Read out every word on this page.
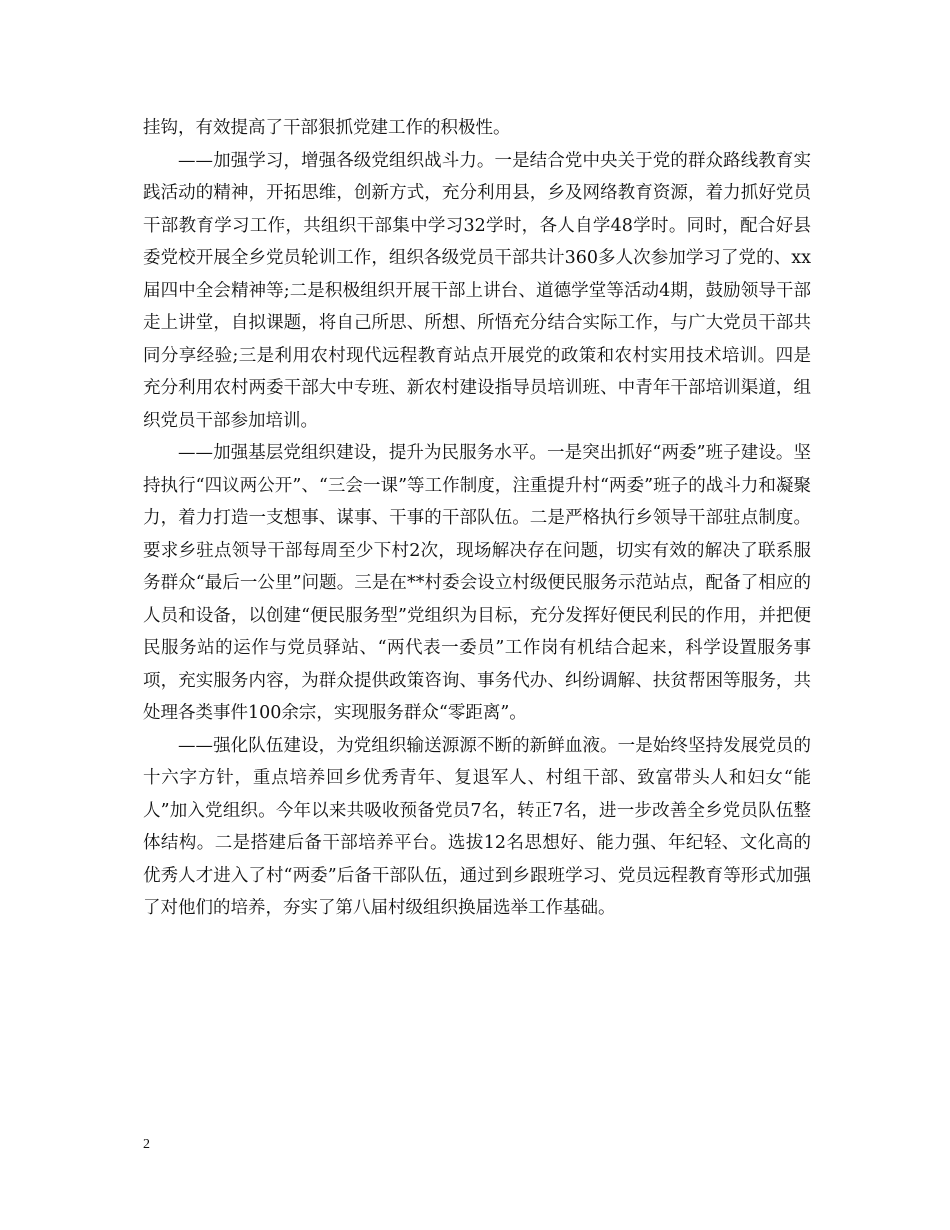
挂钩，有效提高了干部狠抓党建工作的积极性。

——加强学习，增强各级党组织战斗力。一是结合党中央关于党的群众路线教育实践活动的精神，开拓思维，创新方式，充分利用县，乡及网络教育资源，着力抓好党员干部教育学习工作，共组织干部集中学习32学时，各人自学48学时。同时，配合好县委党校开展全乡党员轮训工作，组织各级党员干部共计360多人次参加学习了党的、xx届四中全会精神等;二是积极组织开展干部上讲台、道德学堂等活动4期，鼓励领导干部走上讲堂，自拟课题，将自己所思、所想、所悟充分结合实际工作，与广大党员干部共同分享经验;三是利用农村现代远程教育站点开展党的政策和农村实用技术培训。四是充分利用农村两委干部大中专班、新农村建设指导员培训班、中青年干部培训渠道，组织党员干部参加培训。

——加强基层党组织建设，提升为民服务水平。一是突出抓好“两委”班子建设。坚持执行“四议两公开”、“三会一课”等工作制度，注重提升村“两委”班子的战斗力和凝聚力，着力打造一支想事、谋事、干事的干部队伍。二是严格执行乡领导干部驻点制度。要求乡驻点领导干部每周至少下村2次，现场解决存在问题，切实有效的解决了联系服务群众“最后一公里”问题。三是在**村委会设立村级便民服务示范站点，配备了相应的人员和设备，以创建“便民服务型”党组织为目标，充分发挥好便民利民的作用，并把便民服务站的运作与党员驿站、“两代表一委员”工作岗有机结合起来，科学设置服务事项，充实服务内容，为群众提供政策咨询、事务代办、纠纷调解、扶贫帮困等服务，共处理各类事件100余宗，实现服务群众“零距离”。

——强化队伍建设，为党组织输送源源不断的新鲜血液。一是始终坚持发展党员的十六字方针，重点培养回乡优秀青年、复退军人、村组干部、致富带头人和妇女“能人”加入党组织。今年以来共吸收预备党员7名，转正7名，进一步改善全乡党员队伍整体结构。二是搭建后备干部培养平台。选拔12名思想好、能力强、年纪轻、文化高的优秀人才进入了村“两委”后备干部队伍，通过到乡跟班学习、党员远程教育等形式加强了对他们的培养，夯实了第八届村级组织换届选举工作基础。

2
